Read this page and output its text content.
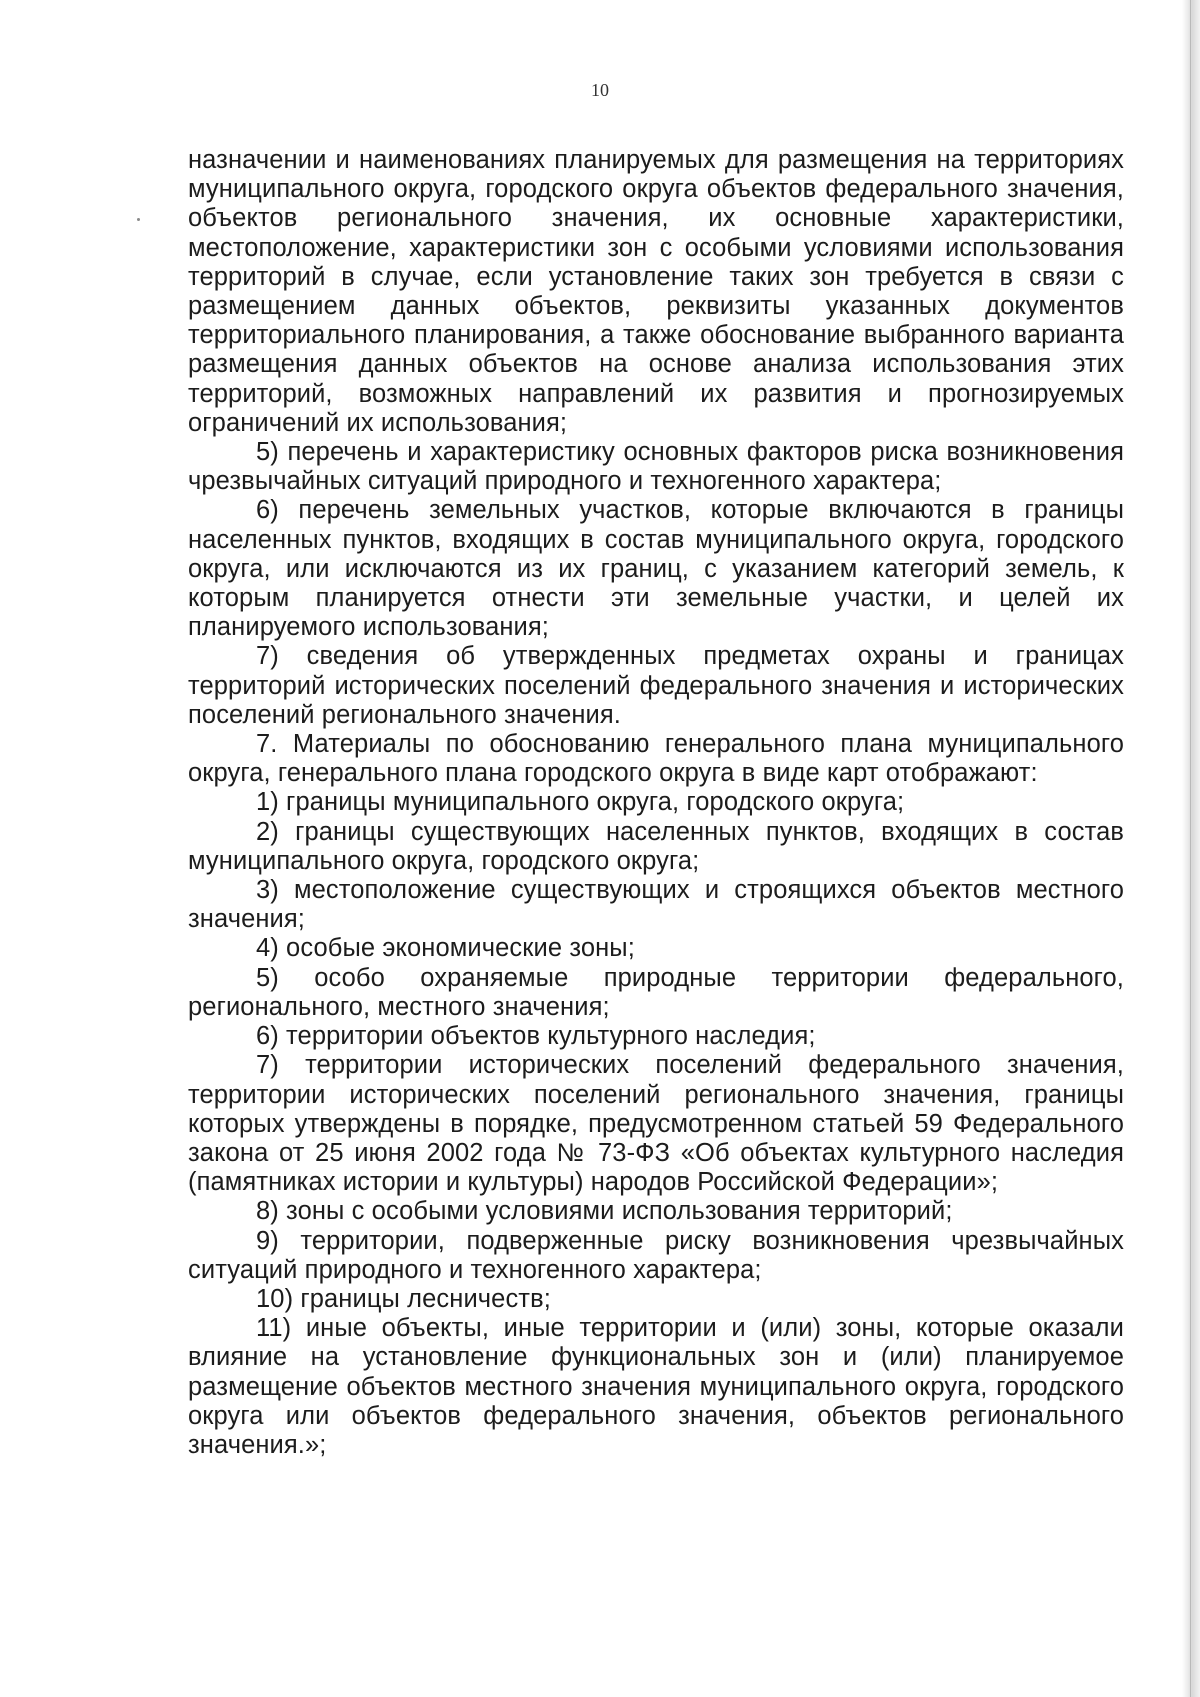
10

назначении и наименованиях планируемых для размещения на территориях муниципального округа, городского округа объектов федерального значения, объектов регионального значения, их основные характеристики, местоположение, характеристики зон с особыми условиями использования территорий в случае, если установление таких зон требуется в связи с размещением данных объектов, реквизиты указанных документов территориального планирования, а также обоснование выбранного варианта размещения данных объектов на основе анализа использования этих территорий, возможных направлений их развития и прогнозируемых ограничений их использования;

5) перечень и характеристику основных факторов риска возникновения чрезвычайных ситуаций природного и техногенного характера;

6) перечень земельных участков, которые включаются в границы населенных пунктов, входящих в состав муниципального округа, городского округа, или исключаются из их границ, с указанием категорий земель, к которым планируется отнести эти земельные участки, и целей их планируемого использования;

7) сведения об утвержденных предметах охраны и границах территорий исторических поселений федерального значения и исторических поселений регионального значения.

7. Материалы по обоснованию генерального плана муниципального округа, генерального плана городского округа в виде карт отображают:

1) границы муниципального округа, городского округа;

2) границы существующих населенных пунктов, входящих в состав муниципального округа, городского округа;

3) местоположение существующих и строящихся объектов местного значения;

4) особые экономические зоны;

5) особо охраняемые природные территории федерального, регионального, местного значения;

6) территории объектов культурного наследия;

7) территории исторических поселений федерального значения, территории исторических поселений регионального значения, границы которых утверждены в порядке, предусмотренном статьей 59 Федерального закона от 25 июня 2002 года № 73-ФЗ «Об объектах культурного наследия (памятниках истории и культуры) народов Российской Федерации»;

8) зоны с особыми условиями использования территорий;

9) территории, подверженные риску возникновения чрезвычайных ситуаций природного и техногенного характера;

10) границы лесничеств;

11) иные объекты, иные территории и (или) зоны, которые оказали влияние на установление функциональных зон и (или) планируемое размещение объектов местного значения муниципального округа, городского округа или объектов федерального значения, объектов регионального значения.»;
